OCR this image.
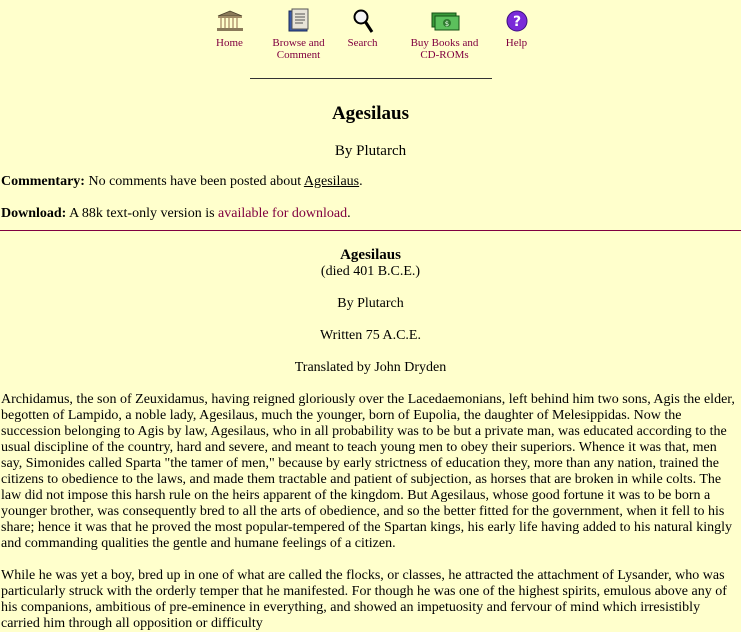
Home	Browse and
Comment
Search
$
Buy Books and
CD-ROMs
?
Help
Agesilaus
By Plutarch
Commentary: No comments have been posted about Agesilaus.
Download: A 88k text-only version is available for download.
Agesilaus
(died 401 B.C.E.)
By Plutarch
Written 75 A.C.E.
Translated by John Dryden

Archidamus, the son of Zeuxidamus, having reigned gloriously over the Lacedaemonians, left behind him two sons, Agis the elder, begotten of Lampido, a noble lady, Agesilaus, much the younger, born of Eupolia, the daughter of Melesippidas. Now the succession belonging to Agis by law, Agesilaus, who in all probability was to be but a private man, was educated according to the usual discipline of the country, hard and severe, and meant to teach young men to obey their superiors. Whence it was that, men say, Simonides called Sparta "the tamer of men," because by early strictness of education they, more than any nation, trained the citizens to obedience to the laws, and made them tractable and patient of subjection, as horses that are broken in while colts. The law did not impose this harsh rule on the heirs apparent of the kingdom. But Agesilaus, whose good fortune it was to be born a younger brother, was consequently bred to all the arts of obedience, and so the better fitted for the government, when it fell to his share; hence it was that he proved the most popular-tempered of the Spartan kings, his early life having added to his natural kingly and commanding qualities the gentle and humane feelings of a citizen.

While he was yet a boy, bred up in one of what are called the flocks, or classes, he attracted the attachment of Lysander, who was particularly struck with the orderly temper that he manifested. For though he was one of the highest spirits, emulous above any of his companions, ambitious of pre-eminence in everything, and showed an impetuosity and fervour of mind which irresistibly carried him through all opposition or difficulty
